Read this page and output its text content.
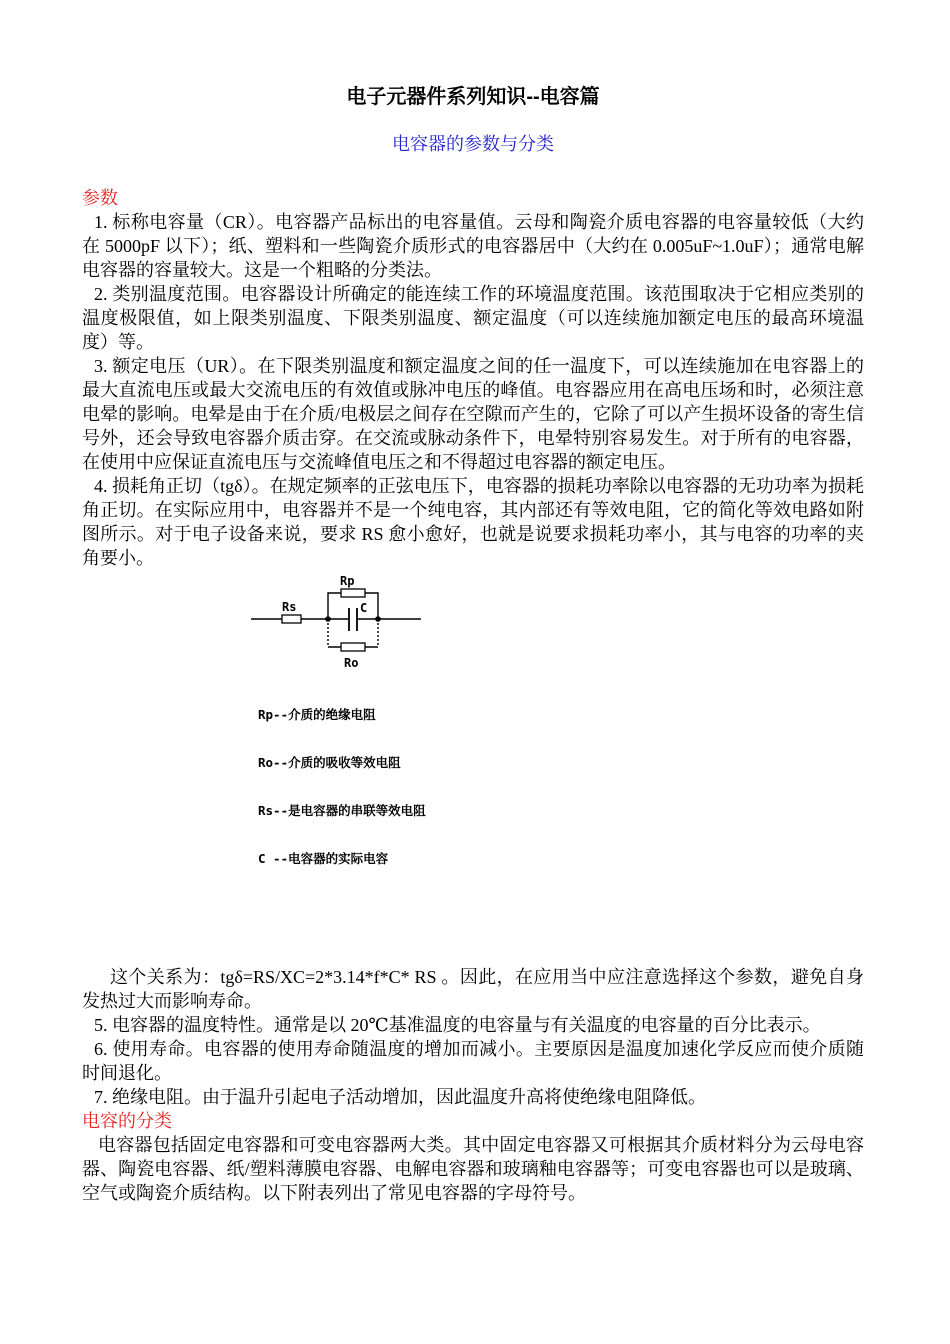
电子元器件系列知识--电容篇
电容器的参数与分类
参数

1. 标称电容量（CR）。电容器产品标出的电容量值。云母和陶瓷介质电容器的电容量较低（大约在 5000pF 以下）；纸、塑料和一些陶瓷介质形式的电容器居中（大约在 0.005uF~1.0uF）；通常电解电容器的容量较大。这是一个粗略的分类法。

2. 类别温度范围。电容器设计所确定的能连续工作的环境温度范围。该范围取决于它相应类别的温度极限值，如上限类别温度、下限类别温度、额定温度（可以连续施加额定电压的最高环境温度）等。

3. 额定电压（UR）。在下限类别温度和额定温度之间的任一温度下，可以连续施加在电容器上的最大直流电压或最大交流电压的有效值或脉冲电压的峰值。电容器应用在高电压场和时，必须注意电晕的影响。电晕是由于在介质/电极层之间存在空隙而产生的，它除了可以产生损坏设备的寄生信号外，还会导致电容器介质击穿。在交流或脉动条件下，电晕特别容易发生。对于所有的电容器，在使用中应保证直流电压与交流峰值电压之和不得超过电容器的额定电压。

4. 损耗角正切（tgδ）。在规定频率的正弦电压下，电容器的损耗功率除以电容器的无功功率为损耗角正切。在实际应用中，电容器并不是一个纯电容，其内部还有等效电阻，它的简化等效电路如附图所示。对于电子设备来说，要求 RS 愈小愈好，也就是说要求损耗功率小，其与电容的功率的夹角要小。

Rp
Rs	C
Ro

Rp--介质的绝缘电阻

Ro--介质的吸收等效电阻

Rs--是电容器的串联等效电阻

C --电容器的实际电容

这个关系为：tgδ=RS/XC=2*3.14*f*C* RS 。因此，在应用当中应注意选择这个参数，避免自身发热过大而影响寿命。

5. 电容器的温度特性。通常是以 20℃基准温度的电容量与有关温度的电容量的百分比表示。

6. 使用寿命。电容器的使用寿命随温度的增加而减小。主要原因是温度加速化学反应而使介质随时间退化。

7. 绝缘电阻。由于温升引起电子活动增加，因此温度升高将使绝缘电阻降低。

电容的分类

电容器包括固定电容器和可变电容器两大类。其中固定电容器又可根据其介质材料分为云母电容器、陶瓷电容器、纸/塑料薄膜电容器、电解电容器和玻璃釉电容器等；可变电容器也可以是玻璃、空气或陶瓷介质结构。以下附表列出了常见电容器的字母符号。
